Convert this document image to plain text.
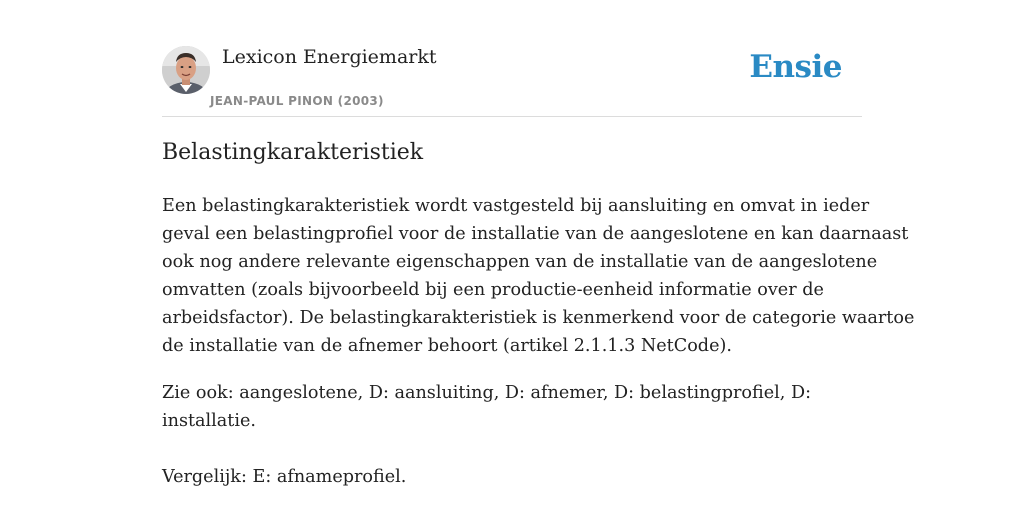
Lexicon Energiemarkt
JEAN-PAUL PINON (2003)
Ensie
Belastingkarakteristiek

Een belastingkarakteristiek wordt vastgesteld bij aansluiting en omvat in ieder
geval een belastingprofiel voor de installatie van de aangeslotene en kan daarnaast
ook nog andere relevante eigenschappen van de installatie van de aangeslotene
omvatten (zoals bijvoorbeeld bij een productie-eenheid informatie over de
arbeidsfactor). De belastingkarakteristiek is kenmerkend voor de categorie waartoe
de installatie van de afnemer behoort (artikel 2.1.1.3 NetCode).

Zie ook: aangeslotene, D: aansluiting, D: afnemer, D: belastingprofiel, D:
installatie.

Vergelijk: E: afnameprofiel.
